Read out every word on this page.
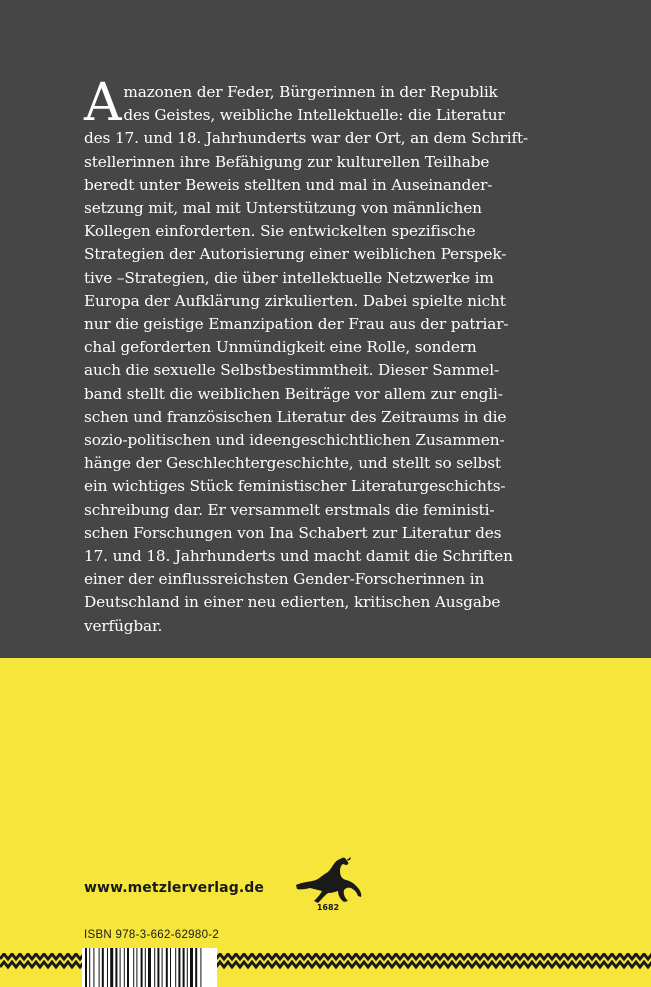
A mazonen der Feder, Bürgerinnen in der Republik
des Geistes, weibliche Intellektuelle: die Literatur
des 17. und 18. Jahrhunderts war der Ort, an dem Schrift-
stellerinnen ihre Befähigung zur kulturellen Teilhabe
beredt unter Beweis stellten und mal in Auseinander-
setzung mit, mal mit Unterstützung von männlichen
Kollegen einforderten. Sie entwickelten spezifische
Strategien der Autorisierung einer weiblichen Perspek-
tive –Strategien, die über intellektuelle Netzwerke im
Europa der Aufklärung zirkulierten. Dabei spielte nicht
nur die geistige Emanzipation der Frau aus der patriar-
chal geforderten Unmündigkeit eine Rolle, sondern
auch die sexuelle Selbstbestimmtheit. Dieser Sammel-
band stellt die weiblichen Beiträge vor allem zur engli-
schen und französischen Literatur des Zeitraums in die
sozio-politischen und ideengeschichtlichen Zusammen-
hänge der Geschlechtergeschichte, und stellt so selbst
ein wichtiges Stück feministischer Literaturgeschichts-
schreibung dar. Er versammelt erstmals die feministi-
schen Forschungen von Ina Schabert zur Literatur des
17. und 18. Jahrhunderts und macht damit die Schriften
einer der einflussreichsten Gender-Forscherinnen in
Deutschland in einer neu edierten, kritischen Ausgabe
verfügbar.
www.metzlerverlag.de
1682
ISBN 978-3-662-62980-2
